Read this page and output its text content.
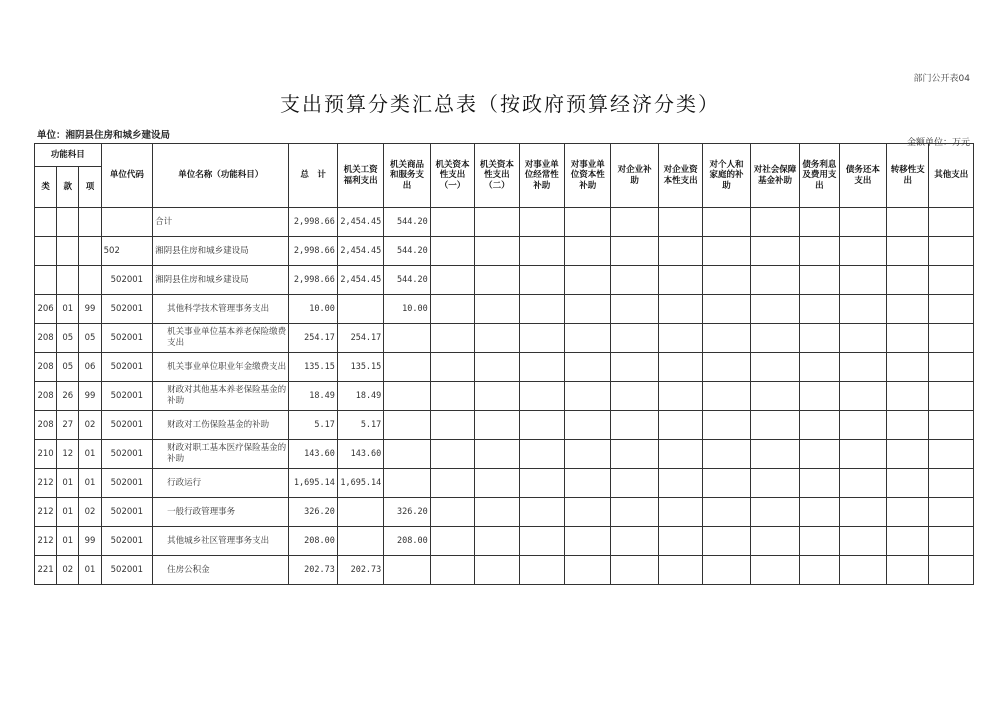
部门公开表04
支出预算分类汇总表（按政府预算经济分类）
单位：湘阴县住房和城乡建设局
金额单位：万元
功能科目			单位代码	单位名称（功能科目）	总　计	机关工资福利支出	机关商品和服务支出	机关资本性支出（一）	机关资本性支出（二）	对事业单位经常性补助	对事业单位资本性补助	对企业补助	对企业资本性支出	对个人和家庭的补助	对社会保障基金补助	债务利息及费用支出	债务还本支出	转移性支出	其他支出
类	款	项																	
				合计	2,998.66	2,454.45	544.20												
			502	湘阴县住房和城乡建设局	2,998.66	2,454.45	544.20												
			502001	湘阴县住房和城乡建设局	2,998.66	2,454.45	544.20												
206	01	99	502001	其他科学技术管理事务支出	10.00		10.00												
208	05	05	502001	机关事业单位基本养老保险缴费支出	254.17	254.17													
208	05	06	502001	机关事业单位职业年金缴费支出	135.15	135.15													
208	26	99	502001	财政对其他基本养老保险基金的补助	18.49	18.49													
208	27	02	502001	财政对工伤保险基金的补助	5.17	5.17													
210	12	01	502001	财政对职工基本医疗保险基金的补助	143.60	143.60													
212	01	01	502001	行政运行	1,695.14	1,695.14													
212	01	02	502001	一般行政管理事务	326.20		326.20												
212	01	99	502001	其他城乡社区管理事务支出	208.00		208.00												
221	02	01	502001	住房公积金	202.73	202.73													
